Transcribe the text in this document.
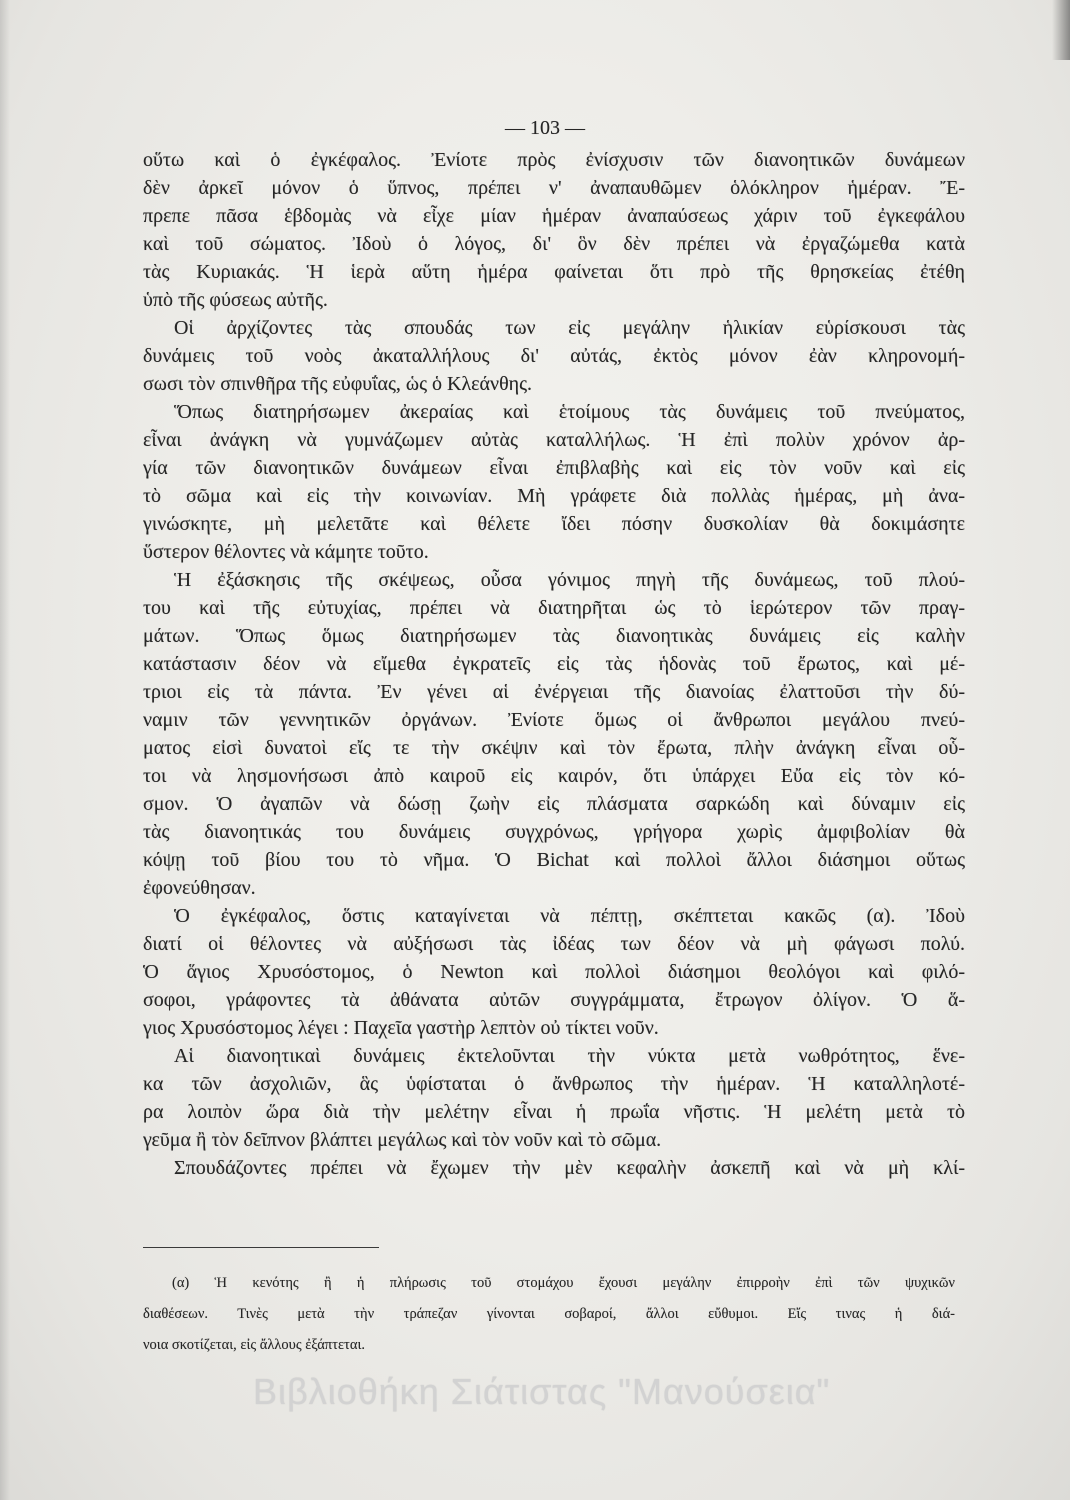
— 103 —
οὕτω καὶ ὁ ἐγκέφαλος. Ἐνίοτε πρὸς ἐνίσχυσιν τῶν διανοητικῶν δυνάμεων
δὲν ἀρκεῖ μόνον ὁ ὕπνος, πρέπει ν' ἀναπαυθῶμεν ὁλόκληρον ἡμέραν. Ἔ-
πρεπε πᾶσα ἑβδομὰς νὰ εἶχε μίαν ἡμέραν ἀναπαύσεως χάριν τοῦ ἐγκεφάλου
καὶ τοῦ σώματος. Ἰδοὺ ὁ λόγος, δι' ὃν δὲν πρέπει νὰ ἐργαζώμεθα κατὰ
τὰς Κυριακάς. Ἡ ἱερὰ αὕτη ἡμέρα φαίνεται ὅτι πρὸ τῆς θρησκείας ἐτέθη
ὑπὸ τῆς φύσεως αὐτῆς.
Οἱ ἀρχίζοντες τὰς σπουδάς των εἰς μεγάλην ἡλικίαν εὑρίσκουσι τὰς
δυνάμεις τοῦ νοὸς ἀκαταλλήλους δι' αὐτάς, ἐκτὸς μόνον ἐὰν κληρονομή-
σωσι τὸν σπινθῆρα τῆς εὐφυΐας, ὡς ὁ Κλεάνθης.
Ὅπως διατηρήσωμεν ἀκεραίας καὶ ἑτοίμους τὰς δυνάμεις τοῦ πνεύματος,
εἶναι ἀνάγκη νὰ γυμνάζωμεν αὐτὰς καταλλήλως. Ἡ ἐπὶ πολὺν χρόνον ἀρ-
γία τῶν διανοητικῶν δυνάμεων εἶναι ἐπιβλαβὴς καὶ εἰς τὸν νοῦν καὶ εἰς
τὸ σῶμα καὶ εἰς τὴν κοινωνίαν. Μὴ γράφετε διὰ πολλὰς ἡμέρας, μὴ ἀνα-
γινώσκητε, μὴ μελετᾶτε καὶ θέλετε ἴδει πόσην δυσκολίαν θὰ δοκιμάσητε
ὕστερον θέλοντες νὰ κάμητε τοῦτο.
Ἡ ἐξάσκησις τῆς σκέψεως, οὖσα γόνιμος πηγὴ τῆς δυνάμεως, τοῦ πλού-
του καὶ τῆς εὐτυχίας, πρέπει νὰ διατηρῆται ὡς τὸ ἱερώτερον τῶν πραγ-
μάτων. Ὅπως ὅμως διατηρήσωμεν τὰς διανοητικὰς δυνάμεις εἰς καλὴν
κατάστασιν δέον νὰ εἴμεθα ἐγκρατεῖς εἰς τὰς ἡδονὰς τοῦ ἔρωτος, καὶ μέ-
τριοι εἰς τὰ πάντα. Ἐν γένει αἱ ἐνέργειαι τῆς διανοίας ἐλαττοῦσι τὴν δύ-
ναμιν τῶν γεννητικῶν ὀργάνων. Ἐνίοτε ὅμως οἱ ἄνθρωποι μεγάλου πνεύ-
ματος εἰσὶ δυνατοὶ εἴς τε τὴν σκέψιν καὶ τὸν ἔρωτα, πλὴν ἀνάγκη εἶναι οὗ-
τοι νὰ λησμονήσωσι ἀπὸ καιροῦ εἰς καιρόν, ὅτι ὑπάρχει Εὔα εἰς τὸν κό-
σμον. Ὁ ἀγαπῶν νὰ δώσῃ ζωὴν εἰς πλάσματα σαρκώδη καὶ δύναμιν εἰς
τὰς διανοητικάς του δυνάμεις συγχρόνως, γρήγορα χωρὶς ἀμφιβολίαν θὰ
κόψῃ τοῦ βίου του τὸ νῆμα. Ὁ Bichat καὶ πολλοὶ ἄλλοι διάσημοι οὕτως
ἐφονεύθησαν.
Ὁ ἐγκέφαλος, ὅστις καταγίνεται νὰ πέπτῃ, σκέπτεται κακῶς (α). Ἰδοὺ
διατί οἱ θέλοντες νὰ αὐξήσωσι τὰς ἰδέας των δέον νὰ μὴ φάγωσι πολύ.
Ὁ ἅγιος Χρυσόστομος, ὁ Newton καὶ πολλοὶ διάσημοι θεολόγοι καὶ φιλό-
σοφοι, γράφοντες τὰ ἀθάνατα αὐτῶν συγγράμματα, ἔτρωγον ὀλίγον. Ὁ ἅ-
γιος Χρυσόστομος λέγει : Παχεῖα γαστὴρ λεπτὸν οὐ τίκτει νοῦν.
Αἱ διανοητικαὶ δυνάμεις ἐκτελοῦνται τὴν νύκτα μετὰ νωθρότητος, ἕνε-
κα τῶν ἀσχολιῶν, ἃς ὑφίσταται ὁ ἄνθρωπος τὴν ἡμέραν. Ἡ καταλληλοτέ-
ρα λοιπὸν ὥρα διὰ τὴν μελέτην εἶναι ἡ πρωΐα νῆστις. Ἡ μελέτη μετὰ τὸ
γεῦμα ἢ τὸν δεῖπνον βλάπτει μεγάλως καὶ τὸν νοῦν καὶ τὸ σῶμα.
Σπουδάζοντες πρέπει νὰ ἔχωμεν τὴν μὲν κεφαλὴν ἀσκεπῆ καὶ νὰ μὴ κλί-
(α) Ἡ κενότης ἢ ἡ πλήρωσις τοῦ στομάχου ἔχουσι μεγάλην ἐπιρροὴν ἐπὶ τῶν ψυχικῶν
διαθέσεων. Τινὲς μετὰ τὴν τράπεζαν γίνονται σοβαροί, ἄλλοι εὔθυμοι. Εἴς τινας ἡ διά-
νοια σκοτίζεται, εἰς ἄλλους ἐξάπτεται.
Βιβλιοθήκη Σιάτιστας "Μανούσεια"
